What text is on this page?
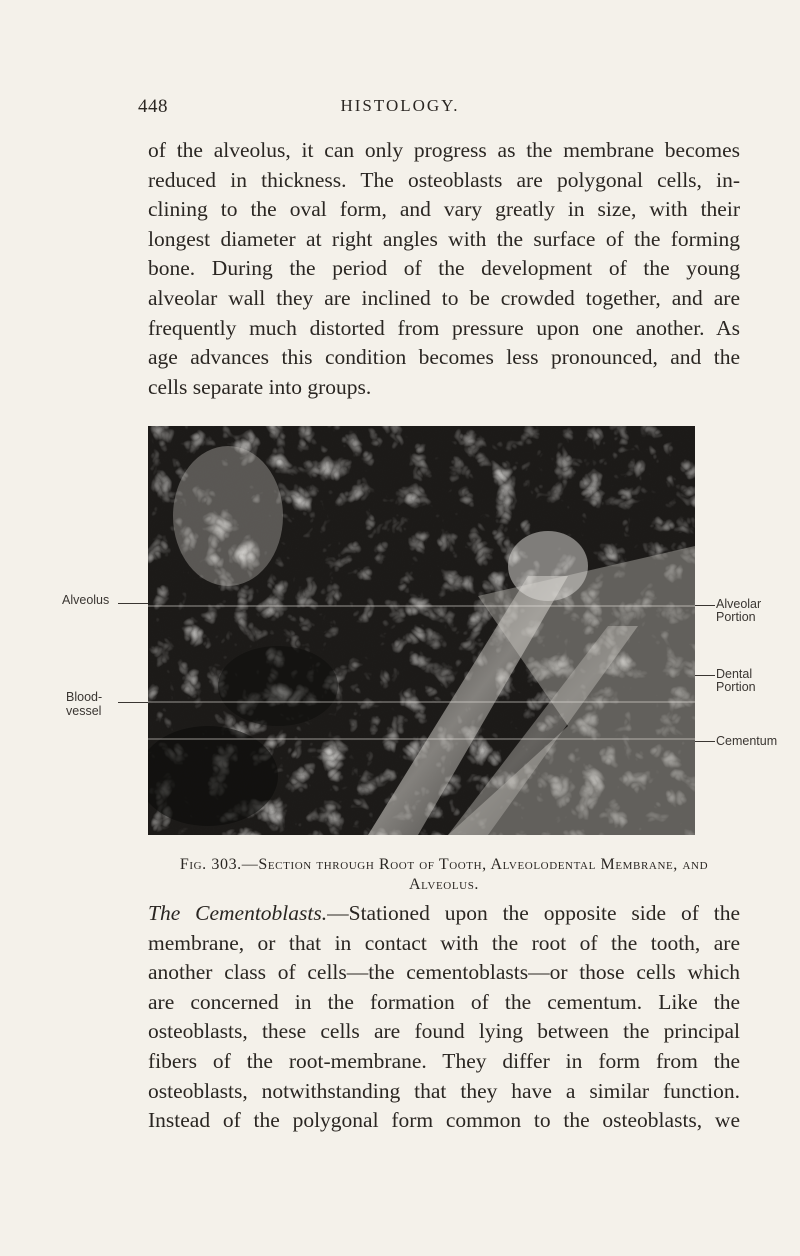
448	HISTOLOGY.

of the alveolus, it can only progress as the membrane becomes
reduced in thickness. The osteoblasts are polygonal cells, in-
clining to the oval form, and vary greatly in size, with their
longest diameter at right angles with the surface of the forming
bone. During the period of the development of the young
alveolar wall they are inclined to be crowded together, and are
frequently much distorted from pressure upon one another. As
age advances this condition becomes less pronounced, and the
cells separate into groups.

Alveolus
Blood-
vessel
Alveolar
Portion
Dental
Portion
Cementum
Fig. 303.—Section through Root of Tooth, Alveolodental Membrane, and
Alveolus.

The Cementoblasts.—Stationed upon the opposite side of the
membrane, or that in contact with the root of the tooth, are
another class of cells—the cementoblasts—or those cells which
are concerned in the formation of the cementum. Like the
osteoblasts, these cells are found lying between the principal
fibers of the root-membrane. They differ in form from the
osteoblasts, notwithstanding that they have a similar function.
Instead of the polygonal form common to the osteoblasts, we
